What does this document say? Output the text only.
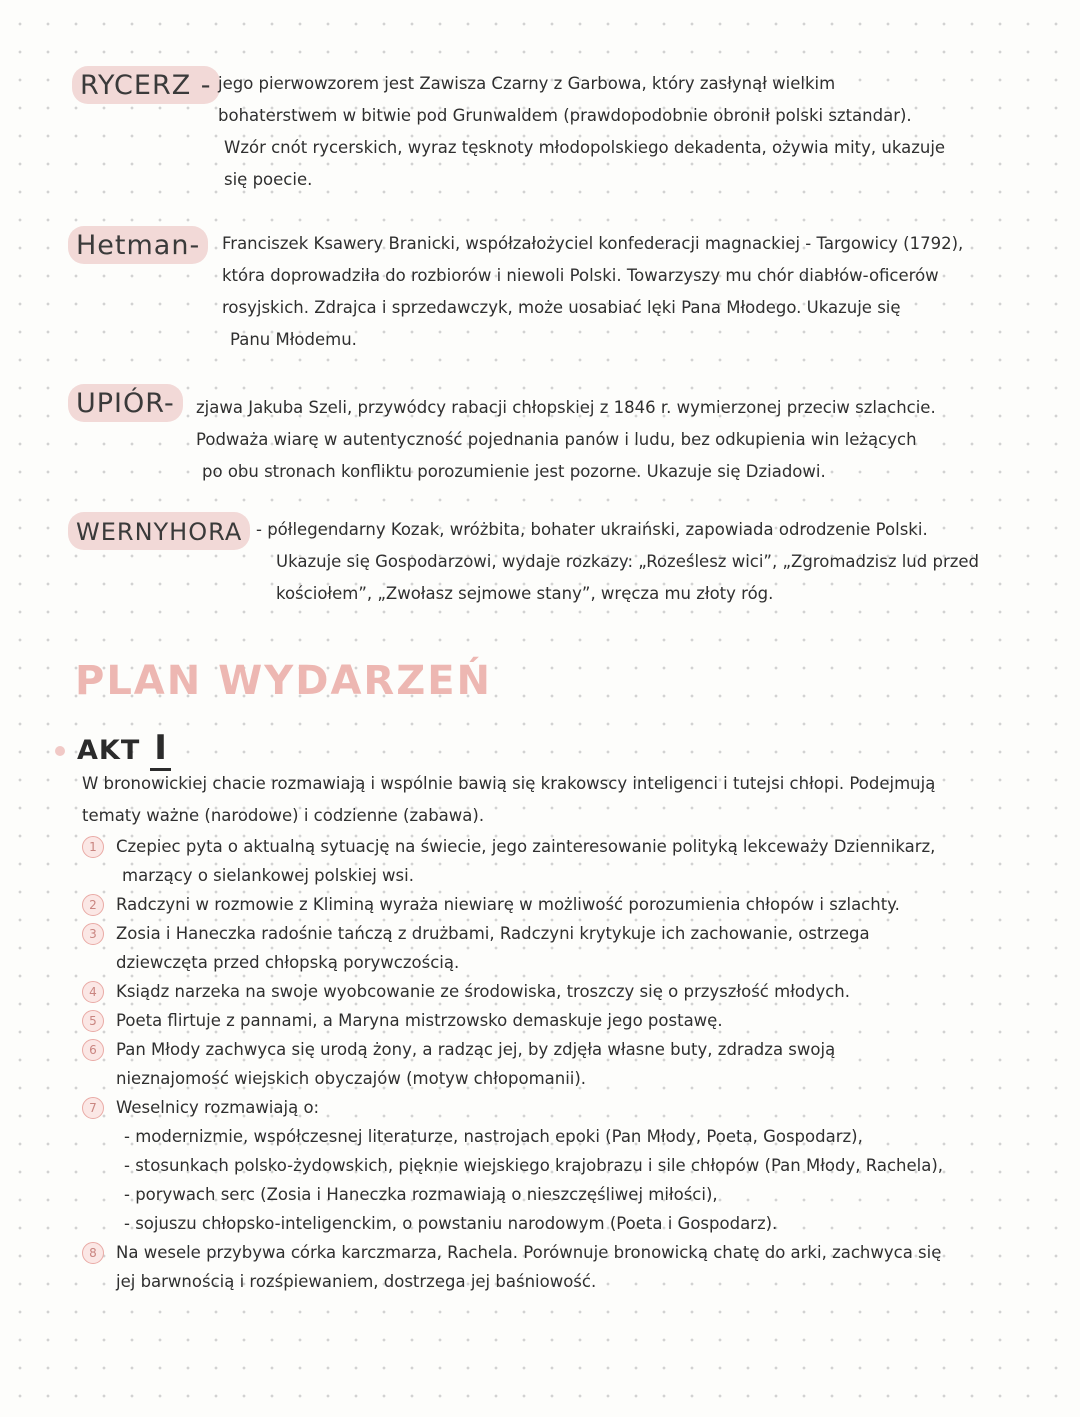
RYCERZ - jego pierwowzorem jest Zawisza Czarny z Garbowa, który zasłynął wielkim

bohaterstwem w bitwie pod Grunwaldem (prawdopodobnie obronił polski sztandar).

Wzór cnót rycerskich, wyraz tęsknoty młodopolskiego dekadenta, ożywia mity, ukazuje

się poecie.

Hetman-	Franciszek Ksawery Branicki, współzałożyciel konfederacji magnackiej - Targowicy (1792),

która doprowadziła do rozbiorów i niewoli Polski. Towarzyszy mu chór diabłów-oficerów

rosyjskich. Zdrajca i sprzedawczyk, może uosabiać lęki Pana Młodego. Ukazuje się

Panu Młodemu.

UPIÓR-	zjawa Jakuba Szeli, przywódcy rabacji chłopskiej z 1846 r. wymierzonej przeciw szlachcie.

Podważa wiarę w autentyczność pojednania panów i ludu, bez odkupienia win leżących

po obu stronach konfliktu porozumienie jest pozorne. Ukazuje się Dziadowi.

WERNYHORA - półlegendarny Kozak, wróżbita, bohater ukraiński, zapowiada odrodzenie Polski.

Ukazuje się Gospodarzowi, wydaje rozkazy: „Roześlesz wici”, „Zgromadzisz lud przed

kościołem”, „Zwołasz sejmowe stany”, wręcza mu złoty róg.

PLAN WYDARZEŃ
AKT I

W bronowickiej chacie rozmawiają i wspólnie bawią się krakowscy inteligenci i tutejsi chłopi. Podejmują

tematy ważne (narodowe) i codzienne (zabawa).

1	Czepiec pyta o aktualną sytuację na świecie, jego zainteresowanie polityką lekceważy Dziennikarz,

marzący o sielankowej polskiej wsi.

2	Radczyni w rozmowie z Kliminą wyraża niewiarę w możliwość porozumienia chłopów i szlachty.

3	Zosia i Haneczka radośnie tańczą z drużbami, Radczyni krytykuje ich zachowanie, ostrzega

dziewczęta przed chłopską porywczością.

4	Ksiądz narzeka na swoje wyobcowanie ze środowiska, troszczy się o przyszłość młodych.

5	Poeta flirtuje z pannami, a Maryna mistrzowsko demaskuje jego postawę.

6	Pan Młody zachwyca się urodą żony, a radząc jej, by zdjęła własne buty, zdradza swoją

nieznajomość wiejskich obyczajów (motyw chłopomanii).

7	Weselnicy rozmawiają o:

- modernizmie, współczesnej literaturze, nastrojach epoki (Pan Młody, Poeta, Gospodarz),
- stosunkach polsko-żydowskich, pięknie wiejskiego krajobrazu i sile chłopów (Pan Młody, Rachela),
- porywach serc (Zosia i Haneczka rozmawiają o nieszczęśliwej miłości),
- sojuszu chłopsko-inteligenckim, o powstaniu narodowym (Poeta i Gospodarz).
8	Na wesele przybywa córka karczmarza, Rachela. Porównuje bronowicką chatę do arki, zachwyca się

jej barwnością i rozśpiewaniem, dostrzega jej baśniowość.
